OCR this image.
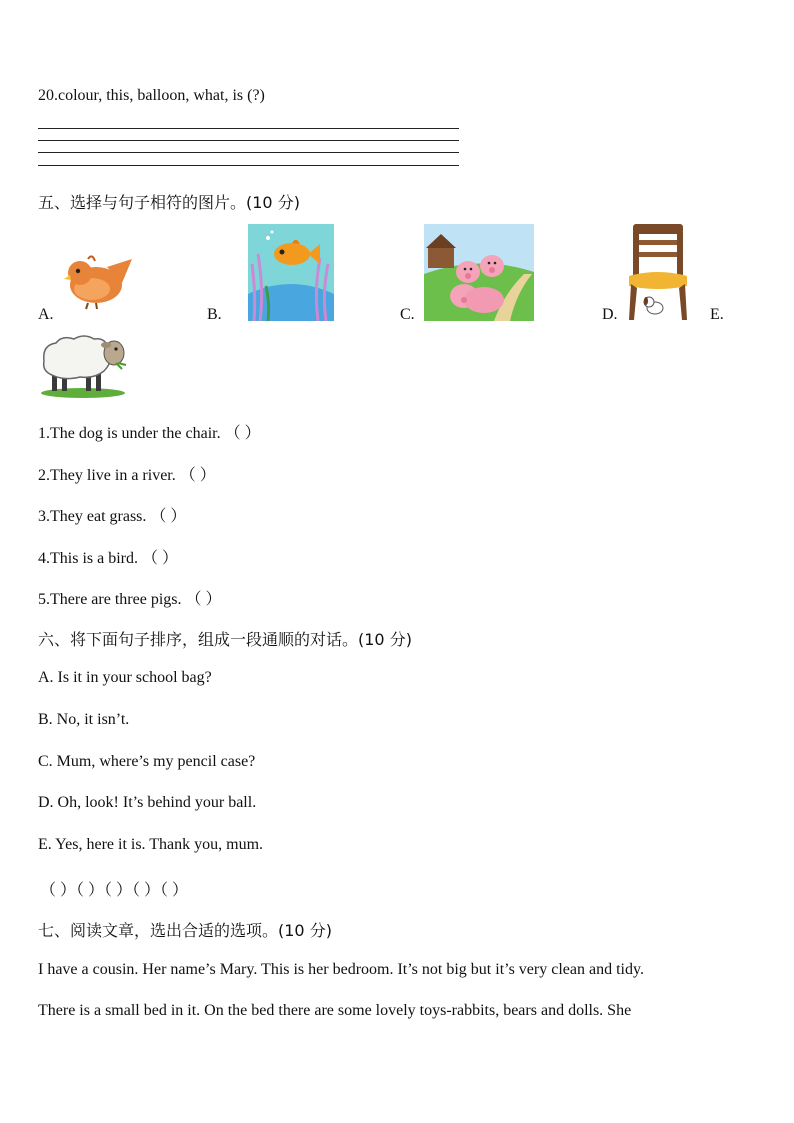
20.colour, this, balloon, what, is (?)
五、选择与句子相符的图片。(10 分)
A.	B.	C.	D.	E.
1.The dog is under the chair. （ ）
2.They live in a river. （ ）
3.They eat grass. （ ）
4.This is a bird. （ ）
5.There are three pigs. （ ）
六、将下面句子排序，组成一段通顺的对话。(10 分)
A. Is it in your school bag?
B. No, it isn’t.
C. Mum, where’s my pencil case?
D. Oh, look! It’s behind your ball.
E. Yes, here it is. Thank you, mum.
（ ）（ ）（ ）（ ）（ ）
七、阅读文章，选出合适的选项。(10 分)
I have a cousin. Her name’s Mary. This is her bedroom. It’s not big but it’s very clean and tidy.
There is a small bed in it. On the bed there are some lovely toys-rabbits, bears and dolls. She
